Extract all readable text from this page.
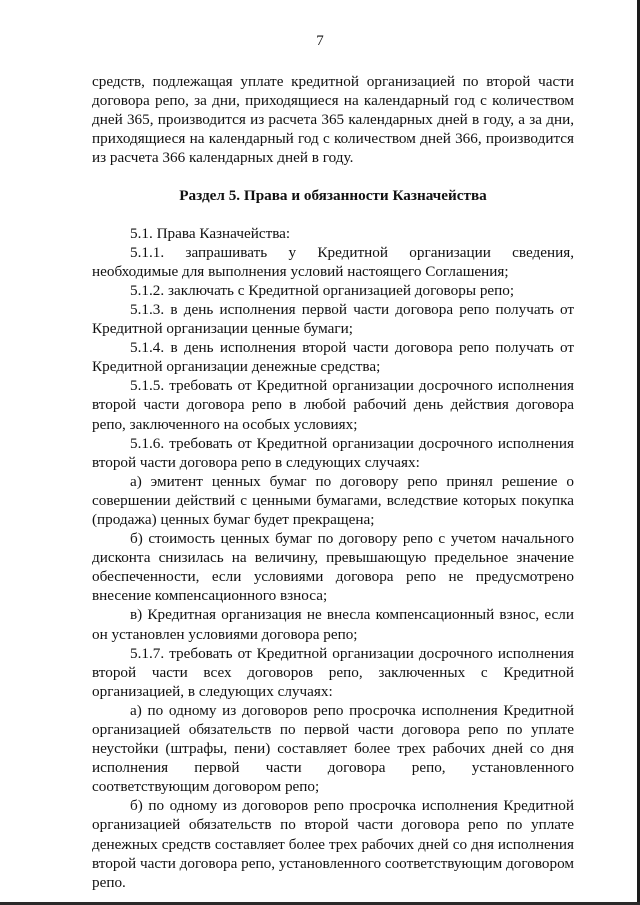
7

средств, подлежащая уплате кредитной организацией по второй части договора репо, за дни, приходящиеся на календарный год с количеством дней 365, производится из расчета 365 календарных дней в году, а за дни, приходящиеся на календарный год с количеством дней 366, производится из расчета 366 календарных дней в году.

Раздел 5. Права и обязанности Казначейства

5.1. Права Казначейства:

5.1.1. запрашивать у Кредитной организации сведения, необходимые для выполнения условий настоящего Соглашения;

5.1.2. заключать с Кредитной организацией договоры репо;

5.1.3. в день исполнения первой части договора репо получать от Кредитной организации ценные бумаги;

5.1.4. в день исполнения второй части договора репо получать от Кредитной организации денежные средства;

5.1.5. требовать от Кредитной организации досрочного исполнения второй части договора репо в любой рабочий день действия договора репо, заключенного на особых условиях;

5.1.6. требовать от Кредитной организации досрочного исполнения второй части договора репо в следующих случаях:

а) эмитент ценных бумаг по договору репо принял решение о совершении действий с ценными бумагами, вследствие которых покупка (продажа) ценных бумаг будет прекращена;

б) стоимость ценных бумаг по договору репо с учетом начального дисконта снизилась на величину, превышающую предельное значение обеспеченности, если условиями договора репо не предусмотрено внесение компенсационного взноса;

в) Кредитная организация не внесла компенсационный взнос, если он установлен условиями договора репо;

5.1.7. требовать от Кредитной организации досрочного исполнения второй части всех договоров репо, заключенных с Кредитной организацией, в следующих случаях:

а) по одному из договоров репо просрочка исполнения Кредитной организацией обязательств по первой части договора репо по уплате неустойки (штрафы, пени) составляет более трех рабочих дней со дня исполнения первой части договора репо, установленного соответствующим договором репо;

б) по одному из договоров репо просрочка исполнения Кредитной организацией обязательств по второй части договора репо по уплате денежных средств составляет более трех рабочих дней со дня исполнения второй части договора репо, установленного соответствующим договором репо.
